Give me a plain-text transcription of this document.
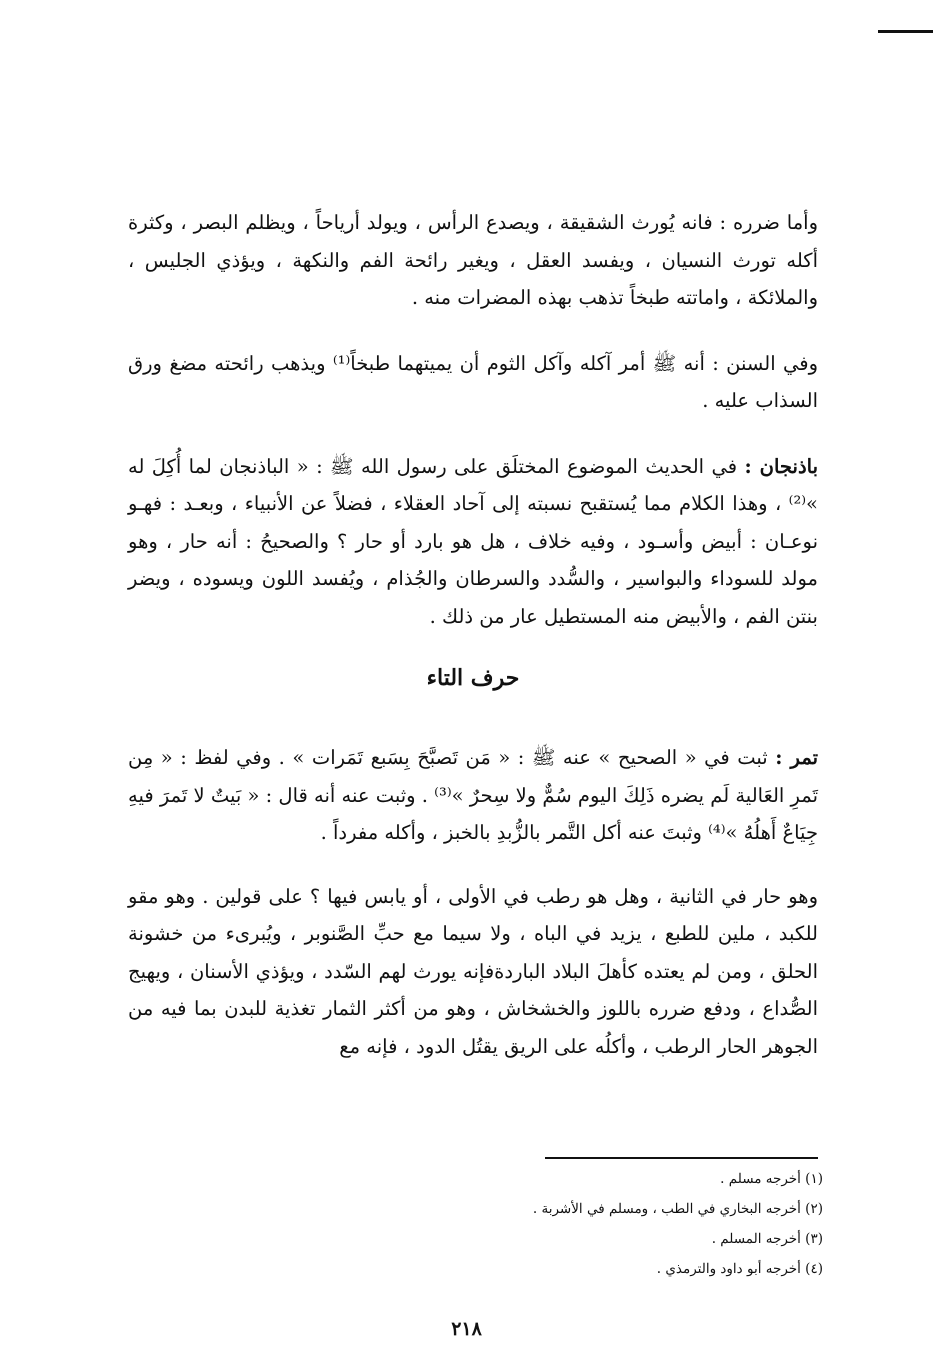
وأما ضرره : فانه يُورث الشقيقة ، ويصدع الرأس ، ويولد أرياحاً ، ويظلم البصر ، وكثرة أكله تورث النسيان ، ويفسد العقل ، ويغير رائحة الفم والنكهة ، ويؤذي الجليس ، والملائكة ، واماتته طبخاً تذهب بهذه المضرات منه .

وفي السنن : أنه ﷺ أمر آكله وآكل الثوم أن يميتهما طبخاً⁽¹⁾ ويذهب رائحته مضغ ورق السذاب عليه .

باذنجان : في الحديث الموضوع المختلَق على رسول الله ﷺ : « الباذنجان لما أُكِلَ له »⁽²⁾ ، وهذا الكلام مما يُستقبح نسبته إلى آحاد العقلاء ، فضلاً عن الأنبياء ، وبعـد : فهـو نوعـان : أبيض وأسـود ، وفيه خلاف ، هل هو بارد أو حار ؟ والصحيحُ : أنه حار ، وهو مولد للسوداء والبواسير ، والسُّدد والسرطان والجُذام ، ويُفسد اللون ويسوده ، ويضر بنتن الفم ، والأبيض منه المستطيل عار من ذلك .

حرف التاء

تمر : ثبت في « الصحيح » عنه ﷺ : « مَن تَصبَّحَ بِسَبع تَمَرات » . وفي لفظ : « مِن تَمرِ العَالية لَم يضره ذَلِكَ اليوم سُمٌّ ولا سِحرٌ »⁽³⁾ . وثبت عنه أنه قال : « بَيتٌ لا تَمرَ فيهِ جِيَاعٌ أَهلُهُ »⁽⁴⁾ وثبتَ عنه أكل التَّمر بالزُّبدِ بالخبز ، وأكله مفرداً .

وهو حار في الثانية ، وهل هو رطب في الأولى ، أو يابس فيها ؟ على قولين . وهو مقو للكبد ، ملين للطبع ، يزيد في الباه ، ولا سيما مع حبِّ الصَّنوبر ، ويُبرىء من خشونة الحلق ، ومن لم يعتده كأهلَ البلاد الباردةفإنه يورث لهم السّدد ، ويؤذي الأسنان ، ويهيج الصُّداع ، ودفع ضرره باللوز والخشخاش ، وهو من أكثر الثمار تغذية للبدن بما فيه من الجوهر الحار الرطب ، وأكلُه على الريق يقتُل الدود ، فإنه مع

(١) أخرجه مسلم .

(٢) أخرجه البخاري في الطب ، ومسلم في الأشربة .

(٣) أخرجه المسلم .

(٤) أخرجه أبو داود والترمذي .

٢١٨
